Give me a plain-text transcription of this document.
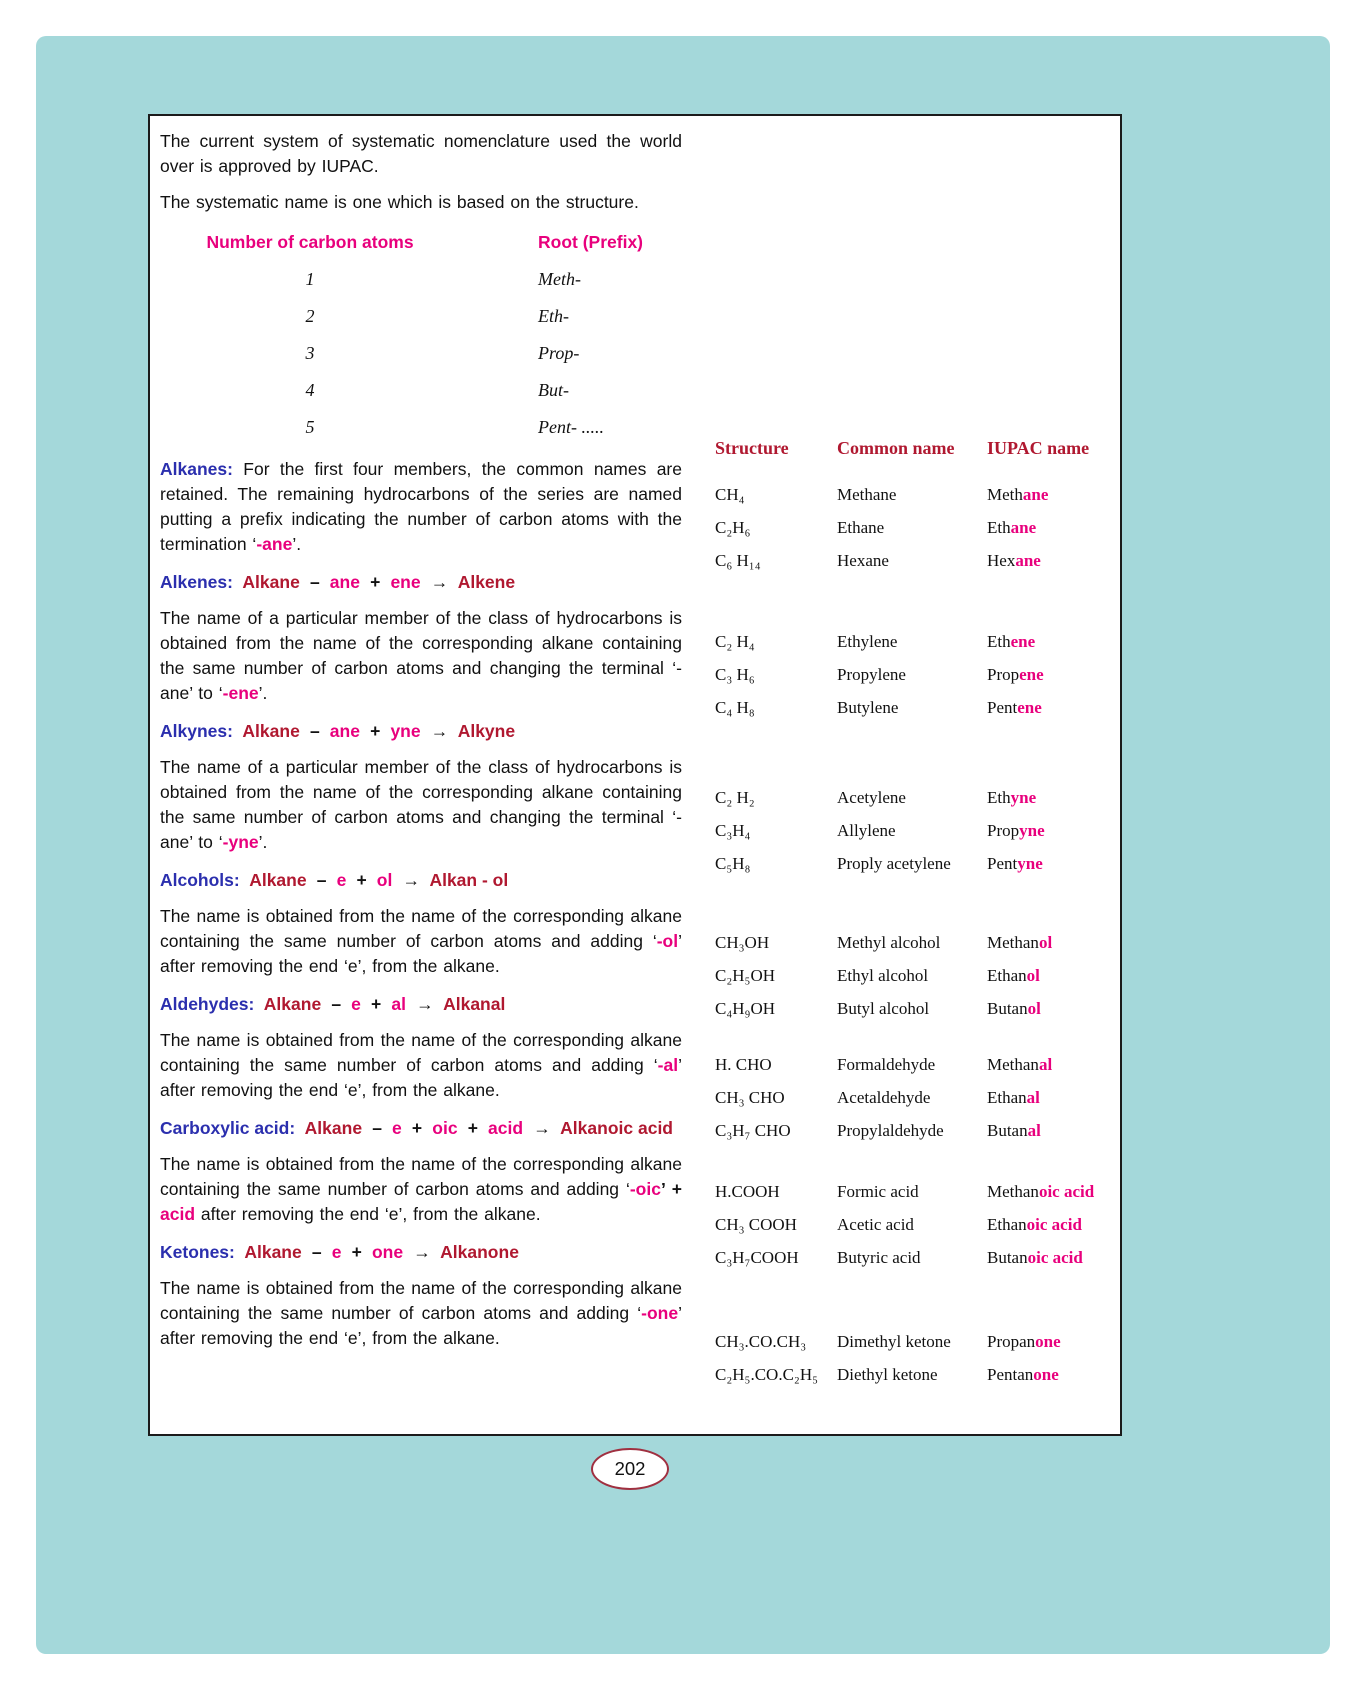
The current system of systematic nomenclature used the world over is approved by IUPAC.

The systematic name is one which is based on the structure.

Number of carbon atoms	Root (Prefix)
1	Meth-
2	Eth-
3	Prop-
4	But-
5	Pent- .....

Alkanes: For the first four members, the common names are retained. The remaining hydrocarbons of the series are named putting a prefix indicating the number of carbon atoms with the termination ‘-ane’.

Alkenes: Alkane – ane + ene → Alkene

The name of a particular member of the class of hydrocarbons is obtained from the name of the corresponding alkane containing the same number of carbon atoms and changing the terminal ‘-ane’ to ‘-ene’.

Alkynes: Alkane – ane + yne → Alkyne

The name of a particular member of the class of hydrocarbons is obtained from the name of the corresponding alkane containing the same number of carbon atoms and changing the terminal ‘-ane’ to ‘-yne’.

Alcohols: Alkane – e + ol → Alkan - ol

The name is obtained from the name of the corresponding alkane containing the same number of carbon atoms and adding ‘-ol’ after removing the end ‘e’, from the alkane.

Aldehydes: Alkane – e + al → Alkanal

The name is obtained from the name of the corresponding alkane containing the same number of carbon atoms and adding ‘-al’ after removing the end ‘e’, from the alkane.

Carboxylic acid: Alkane – e + oic + acid → Alkanoic acid

The name is obtained from the name of the corresponding alkane containing the same number of carbon atoms and adding ‘-oic’ + acid after removing the end ‘e’, from the alkane.

Ketones: Alkane – e + one → Alkanone

The name is obtained from the name of the corresponding alkane containing the same number of carbon atoms and adding ‘-one’ after removing the end ‘e’, from the alkane.

Structure	Common name	IUPAC name
CH₄	Methane	Methane
C₂H₆	Ethane	Ethane
C₆ H₁₄	Hexane	Hexane
C₂ H₄	Ethylene	Ethene
C₃ H₆	Propylene	Propene
C₄ H₈	Butylene	Pentene
C₂ H₂	Acetylene	Ethyne
C₃H₄	Allylene	Propyne
C₅H₈	Proply acetylene	Pentyne
CH₃OH	Methyl alcohol	Methanol
C₂H₅OH	Ethyl alcohol	Ethanol
C₄H₉OH	Butyl alcohol	Butanol
H. CHO	Formaldehyde	Methanal
CH₃ CHO	Acetaldehyde	Ethanal
C₃H₇ CHO	Propylaldehyde	Butanal
H.COOH	Formic acid	Methanoic acid
CH₃ COOH	Acetic acid	Ethanoic acid
C₃H₇COOH	Butyric acid	Butanoic acid
CH₃.CO.CH₃	Dimethyl ketone	Propanone
C₂H₅.CO.C₂H₅	Diethyl ketone	Pentanone
202
